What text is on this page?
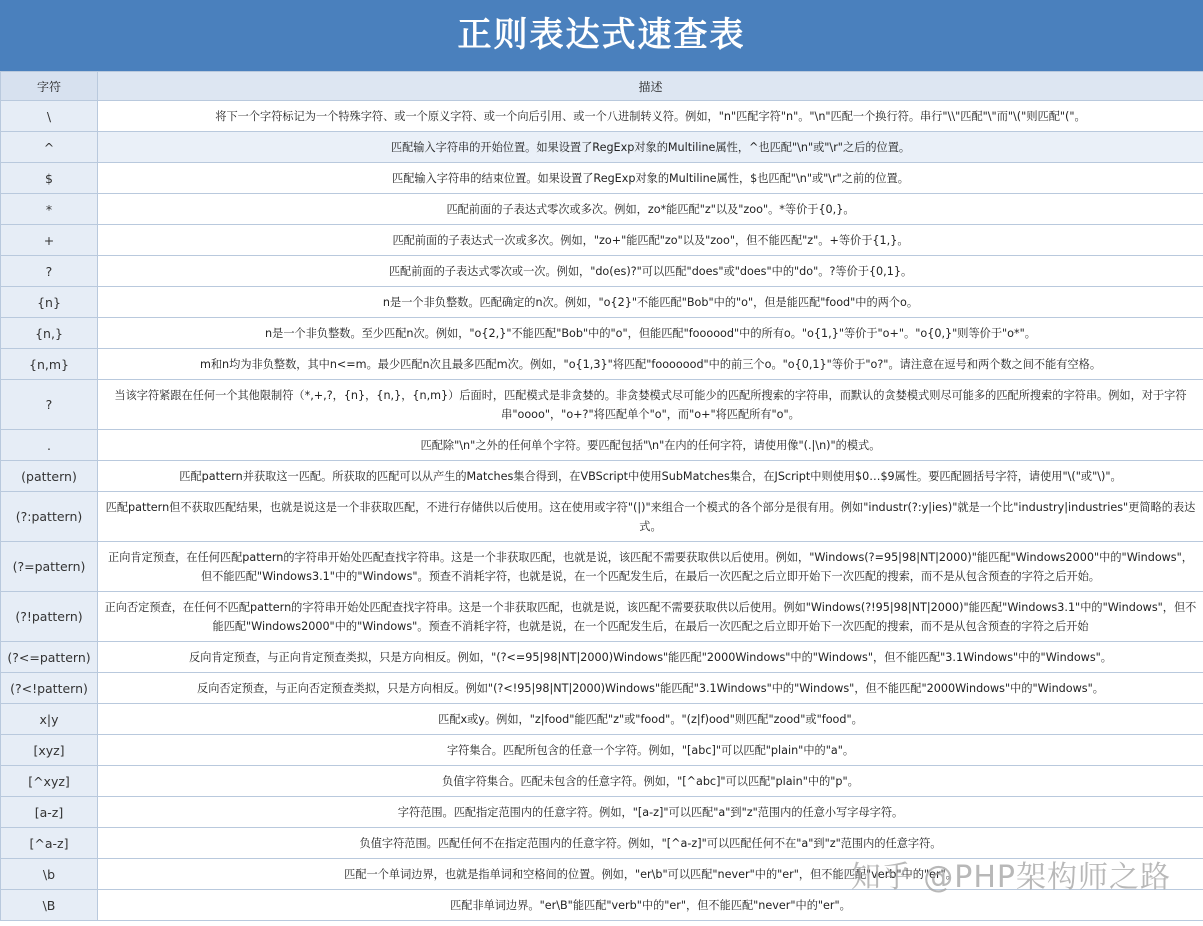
正则表达式速查表
字符	描述
\	将下一个字符标记为一个特殊字符、或一个原义字符、或一个向后引用、或一个八进制转义符。例如，"n"匹配字符"n"。"\n"匹配一个换行符。串行"\\"匹配"\"而"\("则匹配"("。
^	匹配输入字符串的开始位置。如果设置了RegExp对象的Multiline属性，^也匹配"\n"或"\r"之后的位置。
$	匹配输入字符串的结束位置。如果设置了RegExp对象的Multiline属性，$也匹配"\n"或"\r"之前的位置。
*	匹配前面的子表达式零次或多次。例如，zo*能匹配"z"以及"zoo"。*等价于{0,}。
+	匹配前面的子表达式一次或多次。例如，"zo+"能匹配"zo"以及"zoo"，但不能匹配"z"。+等价于{1,}。
?	匹配前面的子表达式零次或一次。例如，"do(es)?"可以匹配"does"或"does"中的"do"。?等价于{0,1}。
{n}	n是一个非负整数。匹配确定的n次。例如，"o{2}"不能匹配"Bob"中的"o"，但是能匹配"food"中的两个o。
{n,}	n是一个非负整数。至少匹配n次。例如，"o{2,}"不能匹配"Bob"中的"o"，但能匹配"foooood"中的所有o。"o{1,}"等价于"o+"。"o{0,}"则等价于"o*"。
{n,m}	m和n均为非负整数，其中n<=m。最少匹配n次且最多匹配m次。例如，"o{1,3}"将匹配"fooooood"中的前三个o。"o{0,1}"等价于"o?"。请注意在逗号和两个数之间不能有空格。
?	当该字符紧跟在任何一个其他限制符（*,+,?，{n}，{n,}，{n,m}）后面时，匹配模式是非贪婪的。非贪婪模式尽可能少的匹配所搜索的字符串，而默认的贪婪模式则尽可能多的匹配所搜索的字符串。例如，对于字符串"oooo"，"o+?"将匹配单个"o"，而"o+"将匹配所有"o"。
.	匹配除"\n"之外的任何单个字符。要匹配包括"\n"在内的任何字符，请使用像"(.|\n)"的模式。
(pattern)	匹配pattern并获取这一匹配。所获取的匹配可以从产生的Matches集合得到，在VBScript中使用SubMatches集合，在JScript中则使用$0…$9属性。要匹配圆括号字符，请使用"\("或"\)"。
(?:pattern)	匹配pattern但不获取匹配结果，也就是说这是一个非获取匹配，不进行存储供以后使用。这在使用或字符"(|)"来组合一个模式的各个部分是很有用。例如"industr(?:y|ies)"就是一个比"industry|industries"更简略的表达式。
(?=pattern)	正向肯定预查，在任何匹配pattern的字符串开始处匹配查找字符串。这是一个非获取匹配，也就是说，该匹配不需要获取供以后使用。例如，"Windows(?=95|98|NT|2000)"能匹配"Windows2000"中的"Windows"，但不能匹配"Windows3.1"中的"Windows"。预查不消耗字符，也就是说，在一个匹配发生后，在最后一次匹配之后立即开始下一次匹配的搜索，而不是从包含预查的字符之后开始。
(?!pattern)	正向否定预查，在任何不匹配pattern的字符串开始处匹配查找字符串。这是一个非获取匹配，也就是说，该匹配不需要获取供以后使用。例如"Windows(?!95|98|NT|2000)"能匹配"Windows3.1"中的"Windows"，但不能匹配"Windows2000"中的"Windows"。预查不消耗字符，也就是说，在一个匹配发生后，在最后一次匹配之后立即开始下一次匹配的搜索，而不是从包含预查的字符之后开始
(?<=pattern)	反向肯定预查，与正向肯定预查类拟，只是方向相反。例如，"(?<=95|98|NT|2000)Windows"能匹配"2000Windows"中的"Windows"，但不能匹配"3.1Windows"中的"Windows"。
(?<!pattern)	反向否定预查，与正向否定预查类拟，只是方向相反。例如"(?<!95|98|NT|2000)Windows"能匹配"3.1Windows"中的"Windows"，但不能匹配"2000Windows"中的"Windows"。
x|y	匹配x或y。例如，"z|food"能匹配"z"或"food"。"(z|f)ood"则匹配"zood"或"food"。
[xyz]	字符集合。匹配所包含的任意一个字符。例如，"[abc]"可以匹配"plain"中的"a"。
[^xyz]	负值字符集合。匹配未包含的任意字符。例如，"[^abc]"可以匹配"plain"中的"p"。
[a-z]	字符范围。匹配指定范围内的任意字符。例如，"[a-z]"可以匹配"a"到"z"范围内的任意小写字母字符。
[^a-z]	负值字符范围。匹配任何不在指定范围内的任意字符。例如，"[^a-z]"可以匹配任何不在"a"到"z"范围内的任意字符。
\b	匹配一个单词边界，也就是指单词和空格间的位置。例如，"er\b"可以匹配"never"中的"er"，但不能匹配"verb"中的"er"。
\B	匹配非单词边界。"er\B"能匹配"verb"中的"er"，但不能匹配"never"中的"er"。
知乎 @PHP架构师之路
